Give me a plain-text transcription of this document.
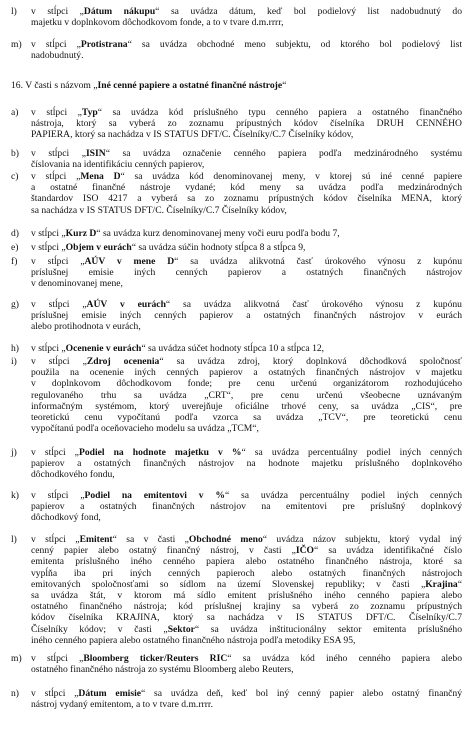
l)	v stĺpci „Dátum nákupu“ sa uvádza dátum, keď bol podielový list nadobudnutý do
majetku v doplnkovom dôchodkovom fonde, a to v tvare d.m.rrrr,

m) v stĺpci „Protistrana“ sa uvádza obchodné meno subjektu, od ktorého bol podielový list
nadobudnutý.

16. V časti s názvom „Iné cenné papiere a ostatné finančné nástroje“

a)	v stĺpci „Typ“ sa uvádza kód príslušného typu cenného papiera a ostatného finančného
nástroja, ktorý sa vyberá zo zoznamu prípustných kódov číselníka DRUH CENNÉHO
PAPIERA, ktorý sa nachádza v IS STATUS DFT/C. Číselníky/C.7 Číselníky kódov,

b)	v stĺpci „ISIN“ sa uvádza označenie cenného papiera podľa medzinárodného systému
číslovania na identifikáciu cenných papierov,

c)	v stĺpci „Mena D“ sa uvádza kód denominovanej meny, v ktorej sú iné cenné papiere
a ostatné finančné nástroje vydané; kód meny sa uvádza podľa medzinárodných
štandardov ISO 4217 a vyberá sa zo zoznamu prípustných kódov číselníka MENA, ktorý
sa nachádza v IS STATUS DFT/C. Číselníky/C.7 Číselníky kódov,

d)	v stĺpci „Kurz D“ sa uvádza kurz denominovanej meny voči euru podľa bodu 7,

e)	v stĺpci „Objem v eurách“ sa uvádza súčin hodnoty stĺpca 8 a stĺpca 9,

f)	v stĺpci „AÚV v mene D“ sa uvádza alikvotná časť úrokového výnosu z kupónu
príslušnej emisie iných cenných papierov a ostatných finančných nástrojov
v denominovanej mene,

g)	v stĺpci „AÚV v eurách“ sa uvádza alikvotná časť úrokového výnosu z kupónu
príslušnej emisie iných cenných papierov a ostatných finančných nástrojov v eurách
alebo protihodnota v eurách,

h)	v stĺpci „Ocenenie v eurách“ sa uvádza súčet hodnoty stĺpca 10 a stĺpca 12,

i)	v stĺpci „Zdroj ocenenia“ sa uvádza zdroj, ktorý doplnková dôchodková spoločnosť
použila na ocenenie iných cenných papierov a ostatných finančných nástrojov v majetku
v doplnkovom dôchodkovom fonde; pre cenu určenú organizátorom rozhodujúceho
regulovaného trhu sa uvádza „CRT“, pre cenu určenú všeobecne uznávaným
informačným systémom, ktorý uverejňuje oficiálne trhové ceny, sa uvádza „CIS“, pre
teoretickú cenu vypočítanú podľa vzorca sa uvádza „TCV“, pre teoretickú cenu
vypočítanú podľa oceňovacieho modelu sa uvádza „TCM“,

j)	v stĺpci „Podiel na hodnote majetku v %“ sa uvádza percentuálny podiel iných cenných
papierov a ostatných finančných nástrojov na hodnote majetku príslušného doplnkového
dôchodkového fondu,

k)	v stĺpci „Podiel na emitentovi v %“ sa uvádza percentuálny podiel iných cenných
papierov a ostatných finančných nástrojov na emitentovi pre príslušný doplnkový
dôchodkový fond,

l)	v stĺpci „Emitent“ sa v časti „Obchodné meno“ uvádza názov subjektu, ktorý vydal iný
cenný papier alebo ostatný finančný nástroj, v časti „IČO“ sa uvádza identifikačné číslo
emitenta príslušného iného cenného papiera alebo ostatného finančného nástroja, ktoré sa
vypĺňa iba pri iných cenných papieroch alebo ostatných finančných nástrojoch
emitovaných spoločnosťami so sídlom na území Slovenskej republiky; v časti „Krajina“
sa uvádza štát, v ktorom má sídlo emitent príslušného iného cenného papiera alebo
ostatného finančného nástroja; kód príslušnej krajiny sa vyberá zo zoznamu prípustných
kódov číselníka KRAJINA, ktorý sa nachádza v IS STATUS DFT/C. Číselníky/C.7
Číselníky kódov; v časti „Sektor“ sa uvádza inštitucionálny sektor emitenta príslušného
iného cenného papiera alebo ostatného finančného nástroja podľa metodiky ESA 95,

m) v stĺpci „Bloomberg ticker/Reuters RIC“ sa uvádza kód iného cenného papiera alebo
ostatného finančného nástroja zo systému Bloomberg alebo Reuters,

n)	v stĺpci „Dátum emisie“ sa uvádza deň, keď bol iný cenný papier alebo ostatný finančný
nástroj vydaný emitentom, a to v tvare d.m.rrrr.
